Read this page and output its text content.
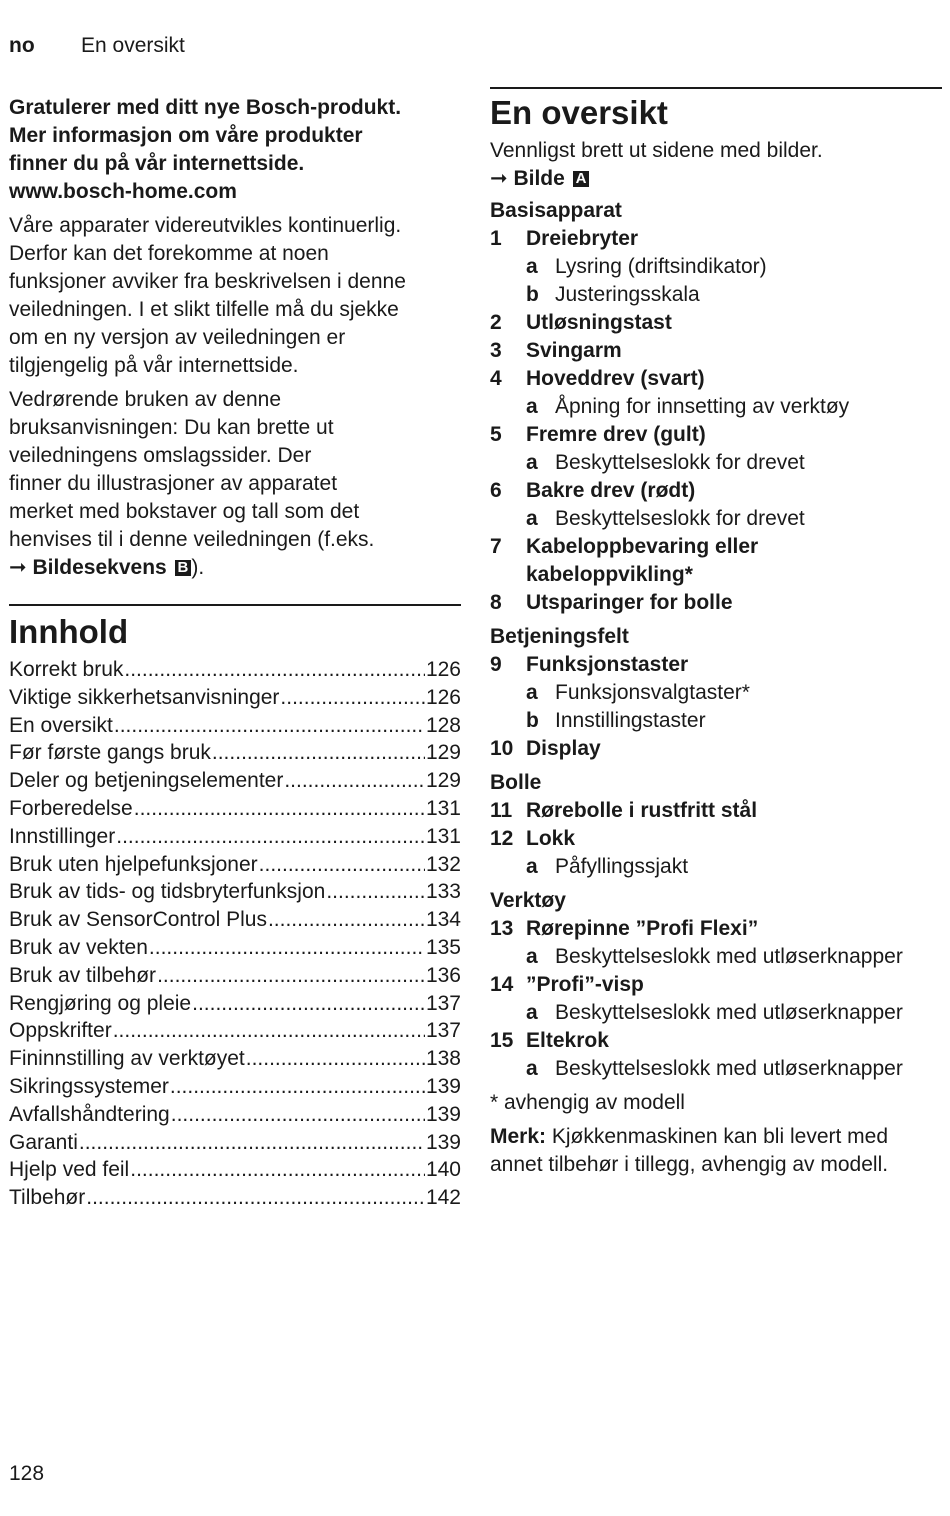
no En oversikt
Gratulerer med ditt nye Bosch-produkt.
Mer informasjon om våre produkter
finner du på vår internettside.
www.bosch-home.com
Våre apparater videreutvikles kontinuerlig.
Derfor kan det forekomme at noen
funksjoner avviker fra beskrivelsen i denne
veiledningen. I et slikt tilfelle må du sjekke
om en ny versjon av veiledningen er
tilgjengelig på vår internettside.
Vedrørende bruken av denne
bruksanvisningen: Du kan brette ut
veiledningens omslagssider. Der
finner du illustrasjoner av apparatet
merket med bokstaver og tall som det
henvises til i denne veiledningen (f.eks.
➞ Bildesekvens B ).
Innhold
Korrekt bruk .....	126
Viktige sikkerhetsanvisninger .....	126
En oversikt .....	128
Før første gangs bruk .....	129
Deler og betjeningselementer .....	129
Forberedelse .....	131
Innstillinger .....	131
Bruk uten hjelpefunksjoner .....	132
Bruk av tids- og tidsbryterfunksjon .....	133
Bruk av SensorControl Plus .....	134
Bruk av vekten .....	135
Bruk av tilbehør .....	136
Rengjøring og pleie .....	137
Oppskrifter .....	137
Fininnstilling av verktøyet .....	138
Sikringssystemer .....	139
Avfallshåndtering .....	139
Garanti .....	139
Hjelp ved feil .....	140
Tilbehør .....	142
En oversikt
Vennligst brett ut sidene med bilder.
➞ Bilde A
Basisapparat
1	Dreiebryter
a Lysring (driftsindikator)
b Justeringsskala
2	Utløsningstast
3	Svingarm
4	Hoveddrev (svart)
a Åpning for innsetting av verktøy
5	Fremre drev (gult)
a Beskyttelseslokk for drevet
6	Bakre drev (rødt)
a Beskyttelseslokk for drevet
7	Kabeloppbevaring eller
kabeloppvikling*
8	Utsparinger for bolle
Betjeningsfelt
9	Funksjonstaster
a Funksjonsvalgtaster*
b Innstillingstaster
10 Display
Bolle
11 Rørebolle i rustfritt stål
12 Lokk
a Påfyllingssjakt
Verktøy
13 Rørepinne ”Profi Flexi”
a Beskyttelseslokk med utløserknapper
14 ”Profi”-visp
a Beskyttelseslokk med utløserknapper
15 Eltekrok
a Beskyttelseslokk med utløserknapper
* avhengig av modell
Merk: Kjøkkenmaskinen kan bli levert med
annet tilbehør i tillegg, avhengig av modell.
128
